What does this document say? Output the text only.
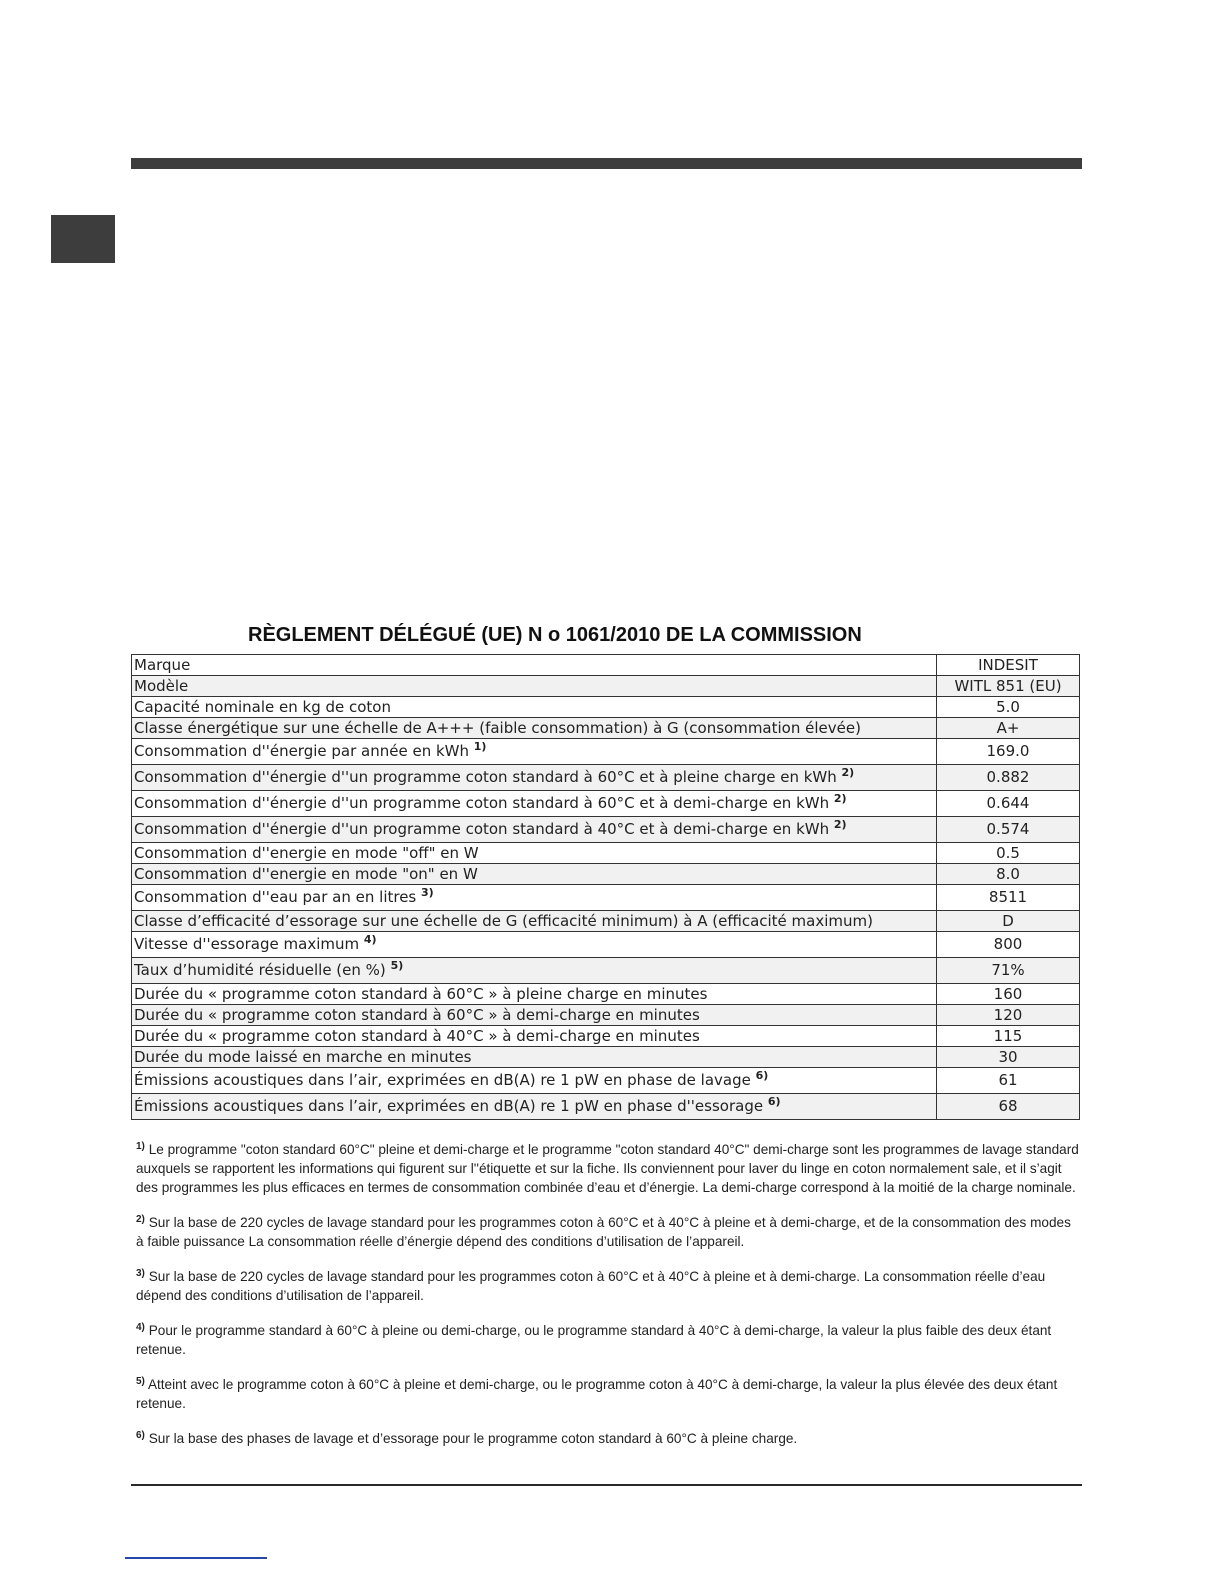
RÈGLEMENT DÉLÉGUÉ (UE) N o 1061/2010 DE LA COMMISSION
Marque	INDESIT
Modèle	WITL 851 (EU)
Capacité nominale en kg de coton	5.0
Classe énergétique sur une échelle de A+++ (faible consommation) à G (consommation élevée)	A+
Consommation d''énergie par année en kWh $^{1)}$	169.0
Consommation d''énergie d''un programme coton standard à 60°C et à pleine charge en kWh $^{2)}$	0.882
Consommation d''énergie d''un programme coton standard à 60°C et à demi-charge en kWh $^{2)}$	0.644
Consommation d''énergie d''un programme coton standard à 40°C et à demi-charge en kWh $^{2)}$	0.574
Consommation d''energie en mode "off" en W	0.5
Consommation d''energie en mode "on" en W	8.0
Consommation d''eau par an en litres $^{3)}$	8511
Classe d’efficacité d’essorage sur une échelle de G (efficacité minimum) à A (efficacité maximum)	D
Vitesse d''essorage maximum $^{4)}$	800
Taux d’humidité résiduelle (en %) $^{5)}$	71%
Durée du « programme coton standard à 60°C » à pleine charge en minutes	160
Durée du « programme coton standard à 60°C » à demi-charge en minutes	120
Durée du « programme coton standard à 40°C » à demi-charge en minutes	115
Durée du mode laissé en marche en minutes	30
Émissions acoustiques dans l’air, exprimées en dB(A) re 1 pW en phase de lavage $^{6)}$	61
Émissions acoustiques dans l’air, exprimées en dB(A) re 1 pW en phase d''essorage $^{6)}$	68
$^{1)}$ Le programme "coton standard 60°C" pleine et demi-charge et le programme "coton standard 40°C" demi-charge sont les programmes de lavage standard auxquels se rapportent les informations qui figurent sur l''étiquette et sur la fiche. Ils conviennent pour laver du linge en coton normalement sale, et il s’agit des programmes les plus efficaces en termes de consommation combinée d’eau et d’énergie. La demi-charge correspond à la moitié de la charge nominale.
$^{2)}$ Sur la base de 220 cycles de lavage standard pour les programmes coton à 60°C et à 40°C à pleine et à demi-charge, et de la consommation des modes à faible puissance La consommation réelle d’énergie dépend des conditions d’utilisation de l’appareil.
$^{3)}$ Sur la base de 220 cycles de lavage standard pour les programmes coton à 60°C et à 40°C à pleine et à demi-charge. La consommation réelle d’eau dépend des conditions d’utilisation de l’appareil.
$^{4)}$ Pour le programme standard à 60°C à pleine ou demi-charge, ou le programme standard à 40°C à demi-charge, la valeur la plus faible des deux étant retenue.
$^{5)}$ Atteint avec le programme coton à 60°C à pleine et demi-charge, ou le programme coton à 40°C à demi-charge, la valeur la plus élevée des deux étant retenue.
$^{6)}$ Sur la base des phases de lavage et d’essorage pour le programme coton standard à 60°C à pleine charge.
